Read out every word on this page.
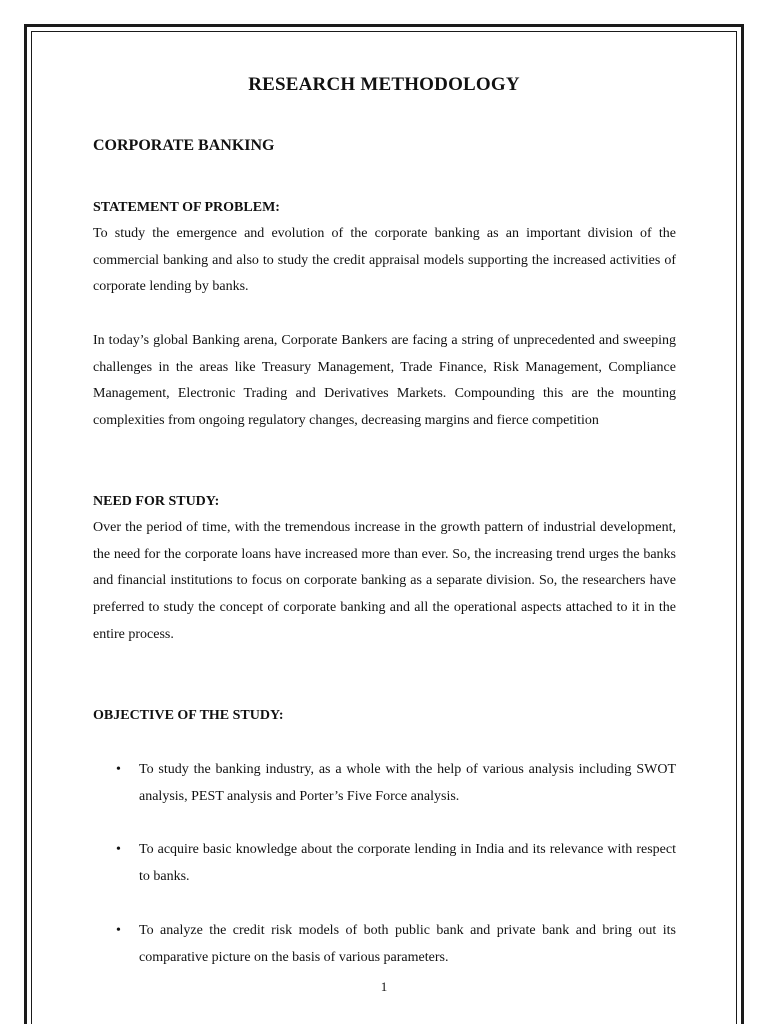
RESEARCH METHODOLOGY
CORPORATE BANKING
STATEMENT OF PROBLEM:
To study the emergence and evolution of the corporate banking as an important division of the commercial banking and also to study the credit appraisal models supporting the increased activities of corporate lending by banks.
In today’s global Banking arena, Corporate Bankers are facing a string of unprecedented and sweeping challenges in the areas like Treasury Management, Trade Finance, Risk Management, Compliance Management, Electronic Trading and Derivatives Markets. Compounding this are the mounting complexities from ongoing regulatory changes, decreasing margins and fierce competition
NEED FOR STUDY:
Over the period of time, with the tremendous increase in the growth pattern of industrial development, the need for the corporate loans have increased more than ever. So, the increasing trend urges the banks and financial institutions to focus on corporate banking as a separate division. So, the researchers have preferred to study the concept of corporate banking and all the operational aspects attached to it in the entire process.
OBJECTIVE OF THE STUDY:
• To study the banking industry, as a whole with the help of various analysis including SWOT analysis, PEST analysis and Porter’s Five Force analysis.
• To acquire basic knowledge about the corporate lending in India and its relevance with respect to banks.
• To analyze the credit risk models of both public bank and private bank and bring out its comparative picture on the basis of various parameters.
1
